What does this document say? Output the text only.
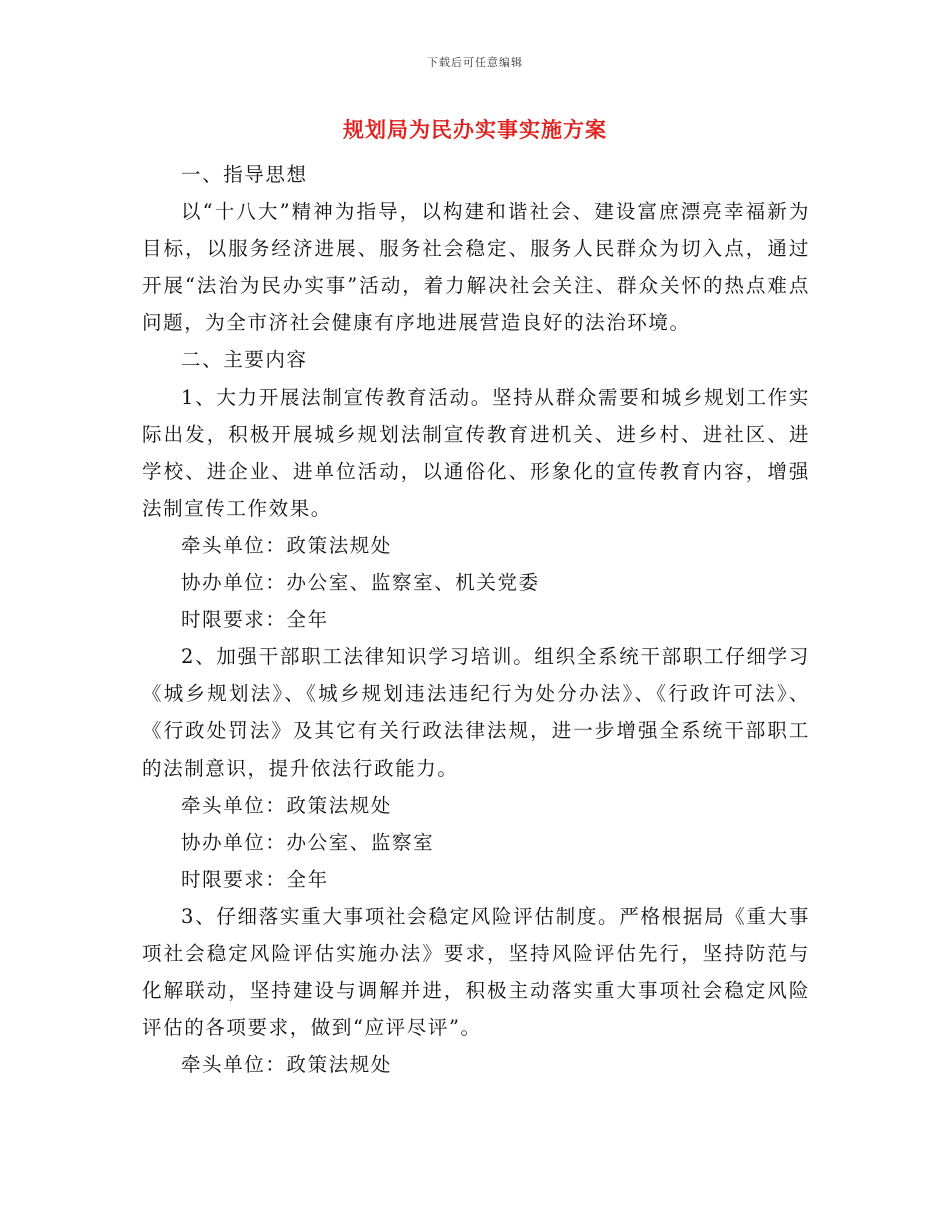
下载后可任意编辑
规划局为民办实事实施方案

一、指导思想

以“十八大”精神为指导，以构建和谐社会、建设富庶漂亮幸福新为目标，以服务经济进展、服务社会稳定、服务人民群众为切入点，通过开展“法治为民办实事”活动，着力解决社会关注、群众关怀的热点难点问题，为全市济社会健康有序地进展营造良好的法治环境。

二、主要内容

1、大力开展法制宣传教育活动。坚持从群众需要和城乡规划工作实际出发，积极开展城乡规划法制宣传教育进机关、进乡村、进社区、进学校、进企业、进单位活动，以通俗化、形象化的宣传教育内容，增强法制宣传工作效果。

牵头单位：政策法规处

协办单位：办公室、监察室、机关党委

时限要求：全年

2、加强干部职工法律知识学习培训。组织全系统干部职工仔细学习《城乡规划法》、《城乡规划违法违纪行为处分办法》、《行政许可法》、《行政处罚法》及其它有关行政法律法规，进一步增强全系统干部职工的法制意识，提升依法行政能力。

牵头单位：政策法规处

协办单位：办公室、监察室

时限要求：全年

3、仔细落实重大事项社会稳定风险评估制度。严格根据局《重大事项社会稳定风险评估实施办法》要求，坚持风险评估先行，坚持防范与化解联动，坚持建设与调解并进，积极主动落实重大事项社会稳定风险评估的各项要求，做到“应评尽评”。

牵头单位：政策法规处
